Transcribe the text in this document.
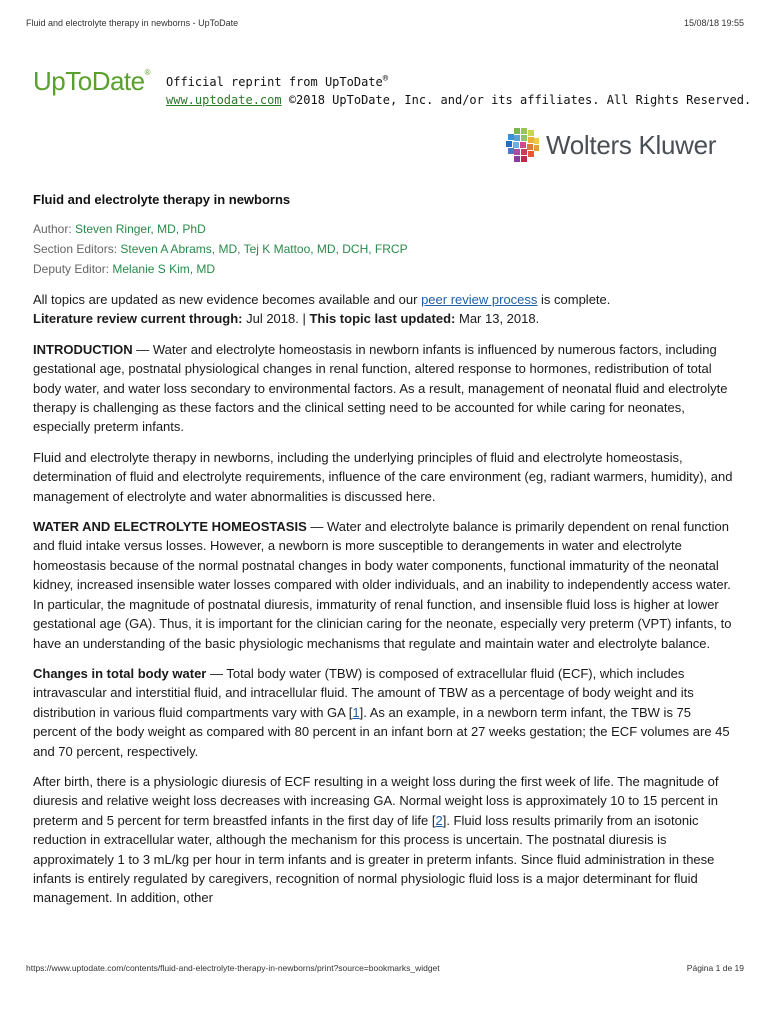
Fluid and electrolyte therapy in newborns - UpToDate	15/08/18 19:55
UpToDate®
Official reprint from UpToDate®
www.uptodate.com ©2018 UpToDate, Inc. and/or its affiliates. All Rights Reserved.
Wolters Kluwer
Fluid and electrolyte therapy in newborns
Author: Steven Ringer, MD, PhD
Section Editors: Steven A Abrams, MD, Tej K Mattoo, MD, DCH, FRCP
Deputy Editor: Melanie S Kim, MD

All topics are updated as new evidence becomes available and our peer review process is complete.
Literature review current through: Jul 2018. | This topic last updated: Mar 13, 2018.

INTRODUCTION — Water and electrolyte homeostasis in newborn infants is influenced by numerous factors, including gestational age, postnatal physiological changes in renal function, altered response to hormones, redistribution of total body water, and water loss secondary to environmental factors. As a result, management of neonatal fluid and electrolyte therapy is challenging as these factors and the clinical setting need to be accounted for while caring for neonates, especially preterm infants.

Fluid and electrolyte therapy in newborns, including the underlying principles of fluid and electrolyte homeostasis, determination of fluid and electrolyte requirements, influence of the care environment (eg, radiant warmers, humidity), and management of electrolyte and water abnormalities is discussed here.

WATER AND ELECTROLYTE HOMEOSTASIS — Water and electrolyte balance is primarily dependent on renal function and fluid intake versus losses. However, a newborn is more susceptible to derangements in water and electrolyte homeostasis because of the normal postnatal changes in body water components, functional immaturity of the neonatal kidney, increased insensible water losses compared with older individuals, and an inability to independently access water. In particular, the magnitude of postnatal diuresis, immaturity of renal function, and insensible fluid loss is higher at lower gestational age (GA). Thus, it is important for the clinician caring for the neonate, especially very preterm (VPT) infants, to have an understanding of the basic physiologic mechanisms that regulate and maintain water and electrolyte balance.

Changes in total body water — Total body water (TBW) is composed of extracellular fluid (ECF), which includes intravascular and interstitial fluid, and intracellular fluid. The amount of TBW as a percentage of body weight and its distribution in various fluid compartments vary with GA [1]. As an example, in a newborn term infant, the TBW is 75 percent of the body weight as compared with 80 percent in an infant born at 27 weeks gestation; the ECF volumes are 45 and 70 percent, respectively.

After birth, there is a physiologic diuresis of ECF resulting in a weight loss during the first week of life. The magnitude of diuresis and relative weight loss decreases with increasing GA. Normal weight loss is approximately 10 to 15 percent in preterm and 5 percent for term breastfed infants in the first day of life [2]. Fluid loss results primarily from an isotonic reduction in extracellular water, although the mechanism for this process is uncertain. The postnatal diuresis is approximately 1 to 3 mL/kg per hour in term infants and is greater in preterm infants. Since fluid administration in these infants is entirely regulated by caregivers, recognition of normal physiologic fluid loss is a major determinant for fluid management. In addition, other

https://www.uptodate.com/contents/fluid-and-electrolyte-therapy-in-newborns/print?source=bookmarks_widget	Página 1 de 19
